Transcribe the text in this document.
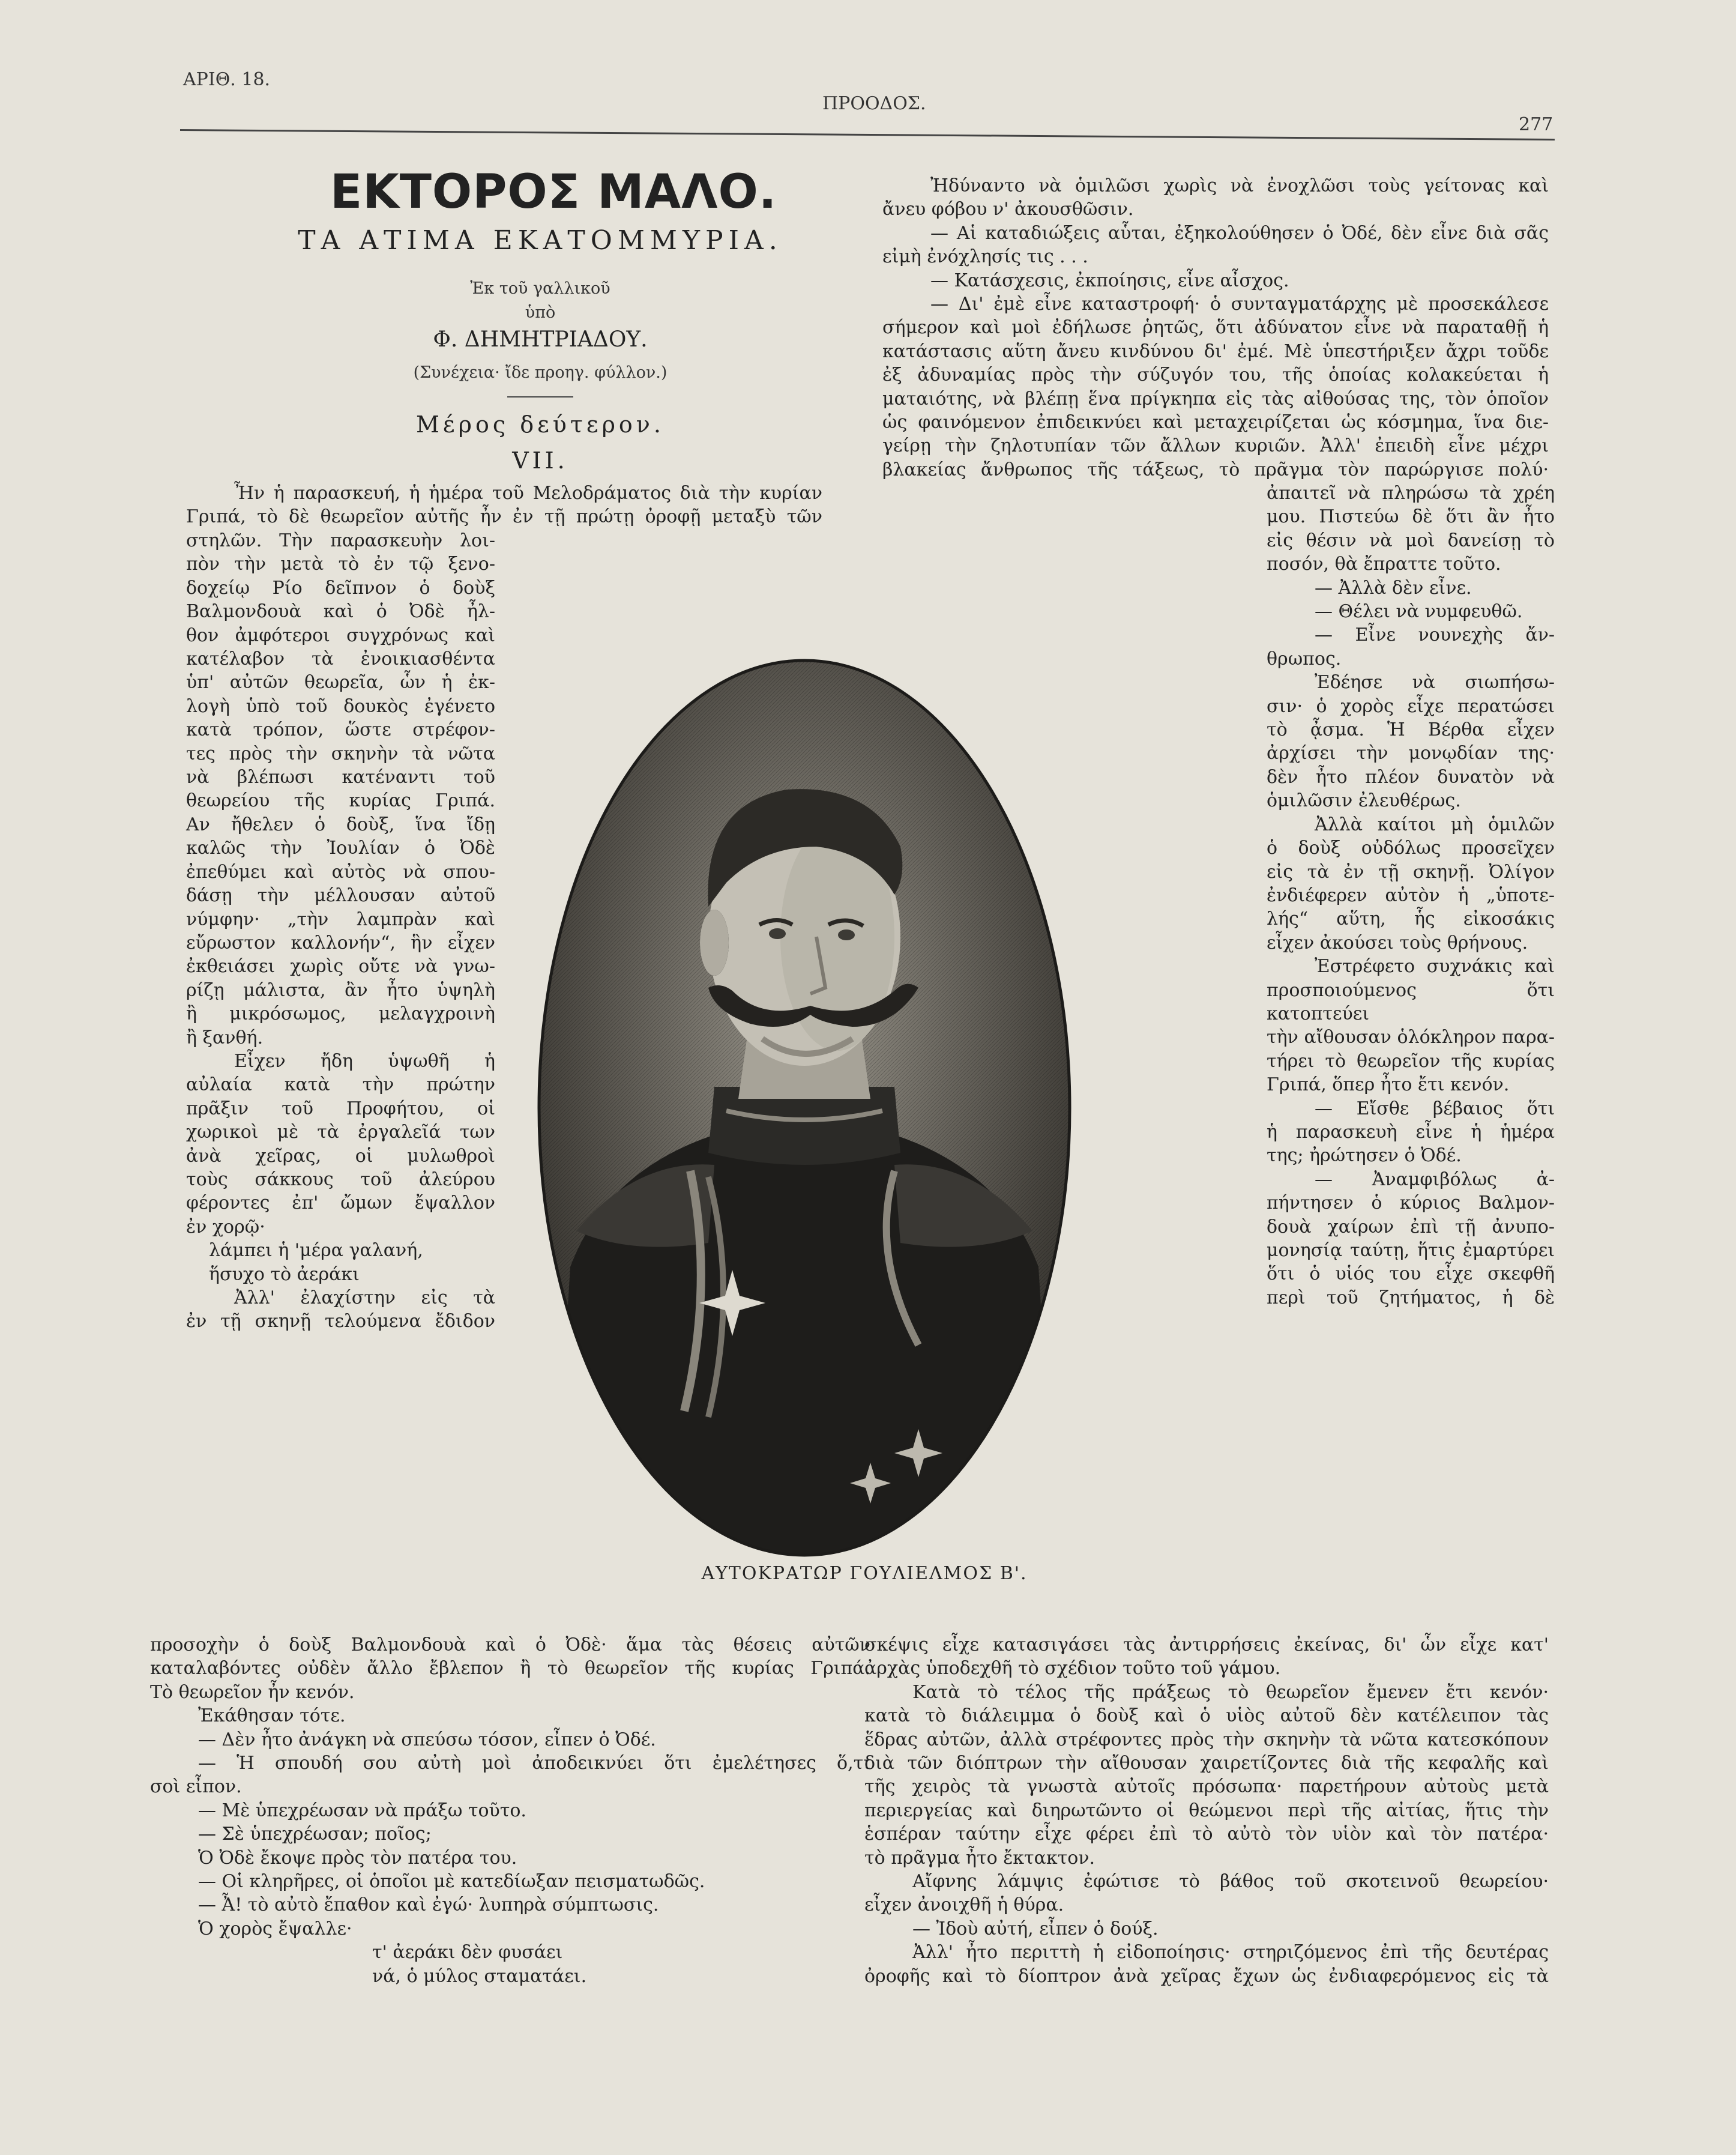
ΑΡΙΘ. 18.
ΠΡΟΟΔΟΣ.
277
ΕΚΤΟΡΟΣ ΜΑΛΟ.
ΤΑ ΑΤΙΜΑ ΕΚΑΤΟΜΜΥΡΙΑ.
Ἐκ τοῦ γαλλικοῦ
ὑπὸ
Φ. ΔΗΜΗΤΡΙΑΔΟΥ.
(Συνέχεια· ἴδε προηγ. φύλλον.)
Μέρος δεύτερον.
VII.
Ἦν ἡ παρασκευή, ἡ ἡμέρα τοῦ Μελοδράματος διὰ τὴν κυρίαν
Γριπά, τὸ δὲ θεωρεῖον αὐτῆς ἦν ἐν τῇ πρώτῃ ὀροφῇ μεταξὺ τῶν
στηλῶν. Τὴν παρασκευὴν λοι-
πὸν τὴν μετὰ τὸ ἐν τῷ ξενο-
δοχείῳ Ρίο δεῖπνον ὁ δοὺξ
Βαλμονδουὰ καὶ ὁ Ὀδὲ ἦλ-
θον ἀμφότεροι συγχρόνως καὶ
κατέλαβον τὰ ἐνοικιασθέντα
ὑπ' αὐτῶν θεωρεῖα, ὧν ἡ ἐκ-
λογὴ ὑπὸ τοῦ δουκὸς ἐγένετο
κατὰ τρόπον, ὥστε στρέφον-
τες πρὸς τὴν σκηνὴν τὰ νῶτα
νὰ βλέπωσι κατέναντι τοῦ
θεωρείου τῆς κυρίας Γριπά.
Αν ἤθελεν ὁ δοὺξ, ἵνα ἴδῃ
καλῶς τὴν Ἰουλίαν ὁ Ὀδὲ
ἐπεθύμει καὶ αὐτὸς νὰ σπου-
δάσῃ τὴν μέλλουσαν αὐτοῦ
νύμφην· „τὴν λαμπρὰν καὶ
εὔρωστον καλλονήν“, ἣν εἶχεν
ἐκθειάσει χωρὶς οὔτε νὰ γνω-
ρίζῃ μάλιστα, ἂν ἦτο ὑψηλὴ
ἢ μικρόσωμος, μελαγχροινὴ
ἢ ξανθή.
Εἶχεν ἤδη ὑψωθῆ ἡ
αὐλαία κατὰ τὴν πρώτην
πρᾶξιν τοῦ Προφήτου, οἱ
χωρικοὶ μὲ τὰ ἐργαλεῖά των
ἀνὰ χεῖρας, οἱ μυλωθροὶ
τοὺς σάκκους τοῦ ἀλεύρου
φέροντες ἐπ' ὤμων ἔψαλλον
ἐν χορῷ·
λάμπει ἡ 'μέρα γαλανή,
ἥσυχο τὸ ἀεράκι
Ἀλλ' ἐλαχίστην εἰς τὰ
ἐν τῇ σκηνῇ τελούμενα ἔδιδον
προσοχὴν ὁ δοὺξ Βαλμονδουὰ καὶ ὁ Ὀδὲ· ἅμα τὰς θέσεις αὐτῶν
καταλαβόντες οὐδὲν ἄλλο ἔβλεπον ἢ τὸ θεωρεῖον τῆς κυρίας Γριπά.
Τὸ θεωρεῖον ἦν κενόν.
Ἐκάθησαν τότε.
— Δὲν ἦτο ἀνάγκη νὰ σπεύσω τόσον, εἶπεν ὁ Ὀδέ.
— Ἡ σπουδή σου αὐτὴ μοὶ ἀποδεικνύει ὅτι ἐμελέτησες ὅ,τι
σοὶ εἶπον.
— Μὲ ὑπεχρέωσαν νὰ πράξω τοῦτο.
— Σὲ ὑπεχρέωσαν; ποῖος;
Ὁ Ὀδὲ ἔκοψε πρὸς τὸν πατέρα του.
— Οἱ κληρῆρες, οἱ ὁποῖοι μὲ κατεδίωξαν πεισματωδῶς.
— Ἆ! τὸ αὐτὸ ἔπαθον καὶ ἐγώ· λυπηρὰ σύμπτωσις.
Ὁ χορὸς ἔψαλλε·
τ' ἀεράκι δὲν φυσάει
νά, ὁ μύλος σταματάει.
Ἠδύναντο νὰ ὁμιλῶσι χωρὶς νὰ ἐνοχλῶσι τοὺς γείτονας καὶ
ἄνευ φόβου ν' ἀκουσθῶσιν.
— Αἱ καταδιώξεις αὗται, ἐξηκολούθησεν ὁ Ὀδέ, δὲν εἶνε διὰ σᾶς
εἰμὴ ἐνόχλησίς τις . . .
— Κατάσχεσις, ἐκποίησις, εἶνε αἶσχος.
— Δι' ἐμὲ εἶνε καταστροφή· ὁ συνταγματάρχης μὲ προσεκάλεσε
σήμερον καὶ μοὶ ἐδήλωσε ῥητῶς, ὅτι ἀδύνατον εἶνε νὰ παραταθῇ ἡ
κατάστασις αὕτη ἄνευ κινδύνου δι' ἐμέ. Μὲ ὑπεστήριξεν ἄχρι τοῦδε
ἐξ ἀδυναμίας πρὸς τὴν σύζυγόν του, τῆς ὁποίας κολακεύεται ἡ
ματαιότης, νὰ βλέπῃ ἕνα πρίγκηπα εἰς τὰς αἰθούσας της, τὸν ὁποῖον
ὡς φαινόμενον ἐπιδεικνύει καὶ μεταχειρίζεται ὡς κόσμημα, ἵνα διε-
γείρῃ τὴν ζηλοτυπίαν τῶν ἄλλων κυριῶν. Ἀλλ' ἐπειδὴ εἶνε μέχρι
βλακείας ἄνθρωπος τῆς τάξεως, τὸ πρᾶγμα τὸν παρώργισε πολύ·
ἀπαιτεῖ νὰ πληρώσω τὰ χρέη
μου. Πιστεύω δὲ ὅτι ἂν ἦτο
εἰς θέσιν νὰ μοὶ δανείσῃ τὸ
ποσόν, θὰ ἔπραττε τοῦτο.
— Ἀλλὰ δὲν εἶνε.
— Θέλει νὰ νυμφευθῶ.
— Εἶνε νουνεχὴς ἄν-
θρωπος.
Ἐδέησε νὰ σιωπήσω-
σιν· ὁ χορὸς εἶχε περατώσει
τὸ ᾆσμα. Ἡ Βέρθα εἶχεν
ἀρχίσει τὴν μονῳδίαν της·
δὲν ἦτο πλέον δυνατὸν νὰ
ὁμιλῶσιν ἐλευθέρως.
Ἀλλὰ καίτοι μὴ ὁμιλῶν
ὁ δοὺξ οὐδόλως προσεῖχεν
εἰς τὰ ἐν τῇ σκηνῇ. Ὀλίγον
ἐνδιέφερεν αὐτὸν ἡ „ὑποτε-
λής“ αὕτη, ἧς εἰκοσάκις
εἶχεν ἀκούσει τοὺς θρήνους.
Ἐστρέφετο συχνάκις καὶ
προσποιούμενος ὅτι κατοπτεύει
τὴν αἴθουσαν ὁλόκληρον παρα-
τήρει τὸ θεωρεῖον τῆς κυρίας
Γριπά, ὅπερ ἦτο ἔτι κενόν.
— Εἴσθε βέβαιος ὅτι
ἡ παρασκευὴ εἶνε ἡ ἡμέρα
της; ἠρώτησεν ὁ Ὀδέ.
— Ἀναμφιβόλως ἀ-
πήντησεν ὁ κύριος Βαλμον-
δουὰ χαίρων ἐπὶ τῇ ἀνυπο-
μονησίᾳ ταύτῃ, ἥτις ἐμαρτύρει
ὅτι ὁ υἱός του εἶχε σκεφθῆ
περὶ τοῦ ζητήματος, ἡ δὲ
σκέψις εἶχε κατασιγάσει τὰς ἀντιρρήσεις ἐκείνας, δι' ὧν εἶχε κατ'
ἀρχὰς ὑποδεχθῆ τὸ σχέδιον τοῦτο τοῦ γάμου.
Κατὰ τὸ τέλος τῆς πράξεως τὸ θεωρεῖον ἔμενεν ἔτι κενόν·
κατὰ τὸ διάλειμμα ὁ δοὺξ καὶ ὁ υἱὸς αὐτοῦ δὲν κατέλειπον τὰς
ἕδρας αὐτῶν, ἀλλὰ στρέφοντες πρὸς τὴν σκηνὴν τὰ νῶτα κατεσκόπουν
διὰ τῶν διόπτρων τὴν αἴθουσαν χαιρετίζοντες διὰ τῆς κεφαλῆς καὶ
τῆς χειρὸς τὰ γνωστὰ αὐτοῖς πρόσωπα· παρετήρουν αὐτοὺς μετὰ
περιεργείας καὶ διηρωτῶντο οἱ θεώμενοι περὶ τῆς αἰτίας, ἥτις τὴν
ἑσπέραν ταύτην εἶχε φέρει ἐπὶ τὸ αὐτὸ τὸν υἱὸν καὶ τὸν πατέρα·
τὸ πρᾶγμα ἦτο ἔκτακτον.
Αἴφνης λάμψις ἐφώτισε τὸ βάθος τοῦ σκοτεινοῦ θεωρείου·
εἶχεν ἀνοιχθῆ ἡ θύρα.
— Ἰδοὺ αὐτή, εἶπεν ὁ δούξ.
Ἀλλ' ἦτο περιττὴ ἡ εἰδοποίησις· στηριζόμενος ἐπὶ τῆς δευτέρας
ὀροφῆς καὶ τὸ δίοπτρον ἀνὰ χεῖρας ἔχων ὡς ἐνδιαφερόμενος εἰς τὰ
ΑΥΤΟΚΡΑΤΩΡ ΓΟΥΛΙΕΛΜΟΣ Β'.
